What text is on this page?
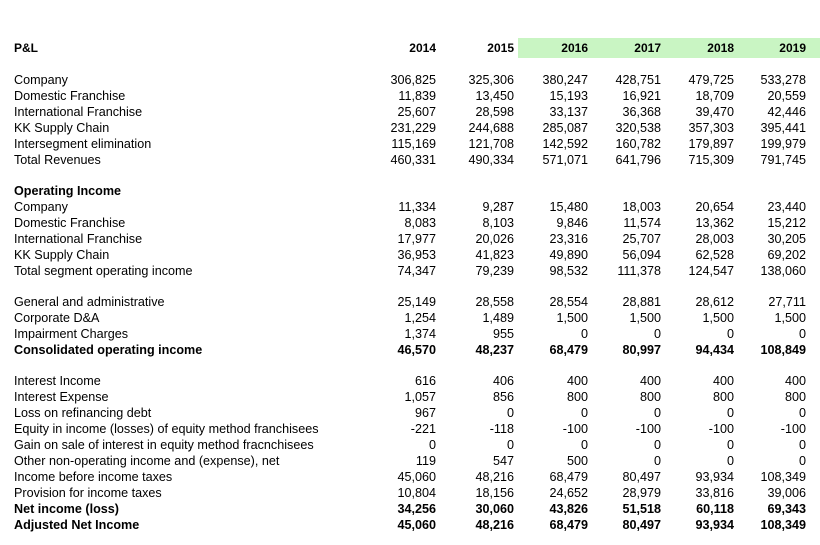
P&L	2014	2015	2016	2017	2018	2019
Company	306,825	325,306	380,247	428,751	479,725	533,278
Domestic Franchise	11,839	13,450	15,193	16,921	18,709	20,559
International Franchise	25,607	28,598	33,137	36,368	39,470	42,446
KK Supply Chain	231,229	244,688	285,087	320,538	357,303	395,441
Intersegment elimination	115,169	121,708	142,592	160,782	179,897	199,979
Total Revenues	460,331	490,334	571,071	641,796	715,309	791,745
Operating Income
Company	11,334	9,287	15,480	18,003	20,654	23,440
Domestic Franchise	8,083	8,103	9,846	11,574	13,362	15,212
International Franchise	17,977	20,026	23,316	25,707	28,003	30,205
KK Supply Chain	36,953	41,823	49,890	56,094	62,528	69,202
Total segment operating income	74,347	79,239	98,532	111,378	124,547	138,060
General and administrative	25,149	28,558	28,554	28,881	28,612	27,711
Corporate D&A	1,254	1,489	1,500	1,500	1,500	1,500
Impairment Charges	1,374	955	0	0	0	0
Consolidated operating income	46,570	48,237	68,479	80,997	94,434	108,849
Interest Income	616	406	400	400	400	400
Interest Expense	1,057	856	800	800	800	800
Loss on refinancing debt	967	0	0	0	0	0
Equity in income (losses) of equity method franchisees	-221	-118	-100	-100	-100	-100
Gain on sale of interest in equity method fracnchisees	0	0	0	0	0	0
Other non-operating income and (expense), net	119	547	500	0	0	0
Income before income taxes	45,060	48,216	68,479	80,497	93,934	108,349
Provision for income taxes	10,804	18,156	24,652	28,979	33,816	39,006
Net income (loss)	34,256	30,060	43,826	51,518	60,118	69,343
Adjusted Net Income	45,060	48,216	68,479	80,497	93,934	108,349
